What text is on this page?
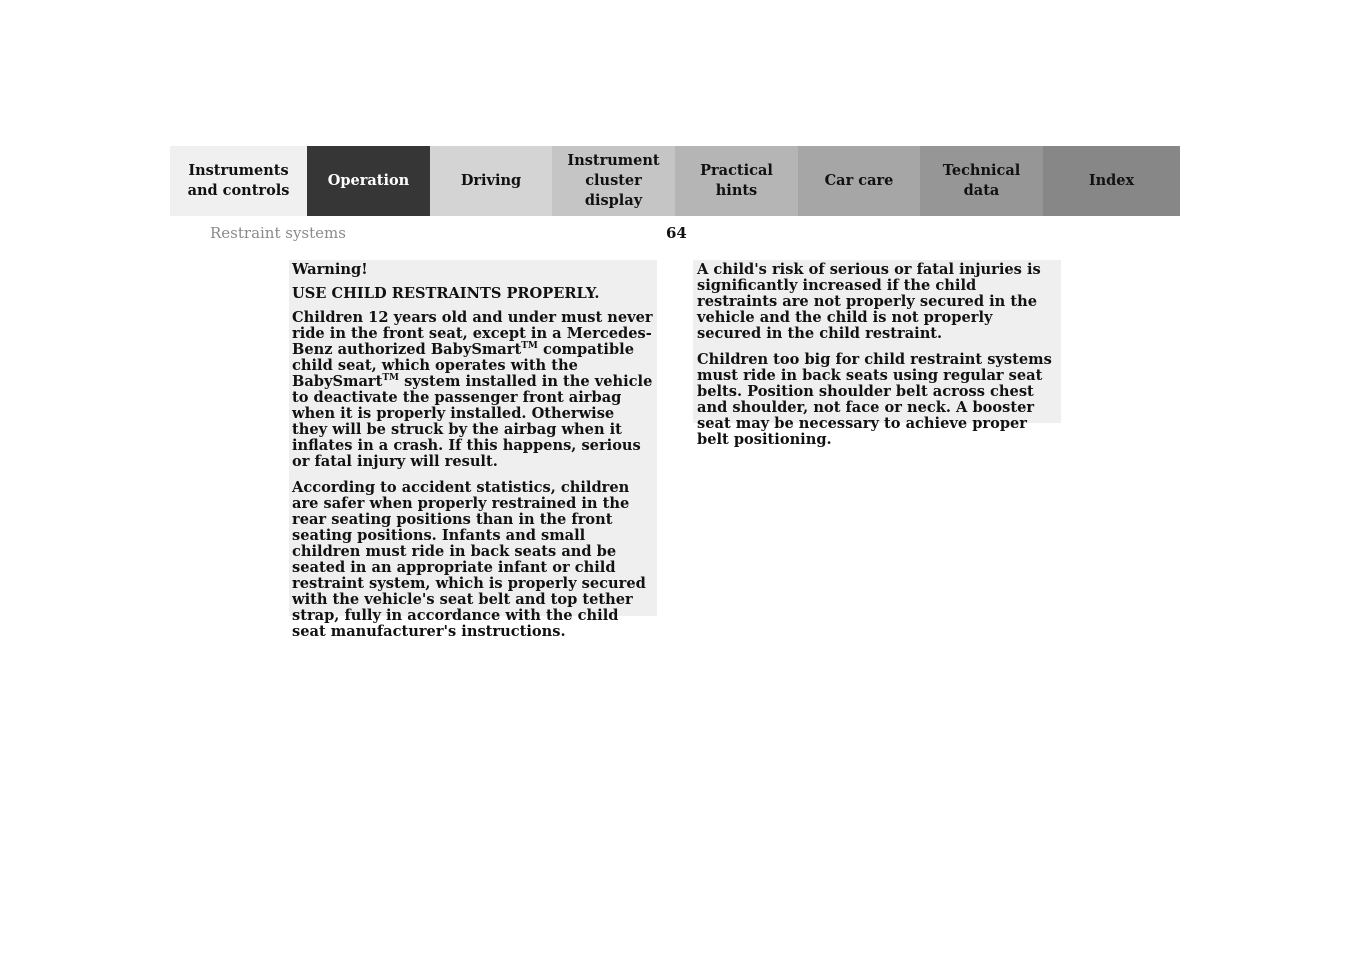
Instruments
and controls
Operation	Driving
Instrument
cluster display
Practical hints
Car care
Technical
data
Index
Restraint systems	64

Warning!

USE CHILD RESTRAINTS PROPERLY.

Children 12 years old and under must never ride in the front seat, except in a Mercedes-Benz authorized BabySmart™ compatible child seat, which operates with the BabySmart™ system installed in the vehicle to deactivate the passenger front airbag when it is properly installed. Otherwise they will be struck by the airbag when it inflates in a crash. If this happens, serious or fatal injury will result.

According to accident statistics, children are safer when properly restrained in the rear seating positions than in the front seating positions. Infants and small children must ride in back seats and be seated in an appropriate infant or child restraint system, which is properly secured with the vehicle's seat belt and top tether strap, fully in accordance with the child seat manufacturer's instructions.

A child's risk of serious or fatal injuries is significantly increased if the child restraints are not properly secured in the vehicle and the child is not properly secured in the child restraint.

Children too big for child restraint systems must ride in back seats using regular seat belts. Position shoulder belt across chest and shoulder, not face or neck. A booster seat may be necessary to achieve proper belt positioning.
